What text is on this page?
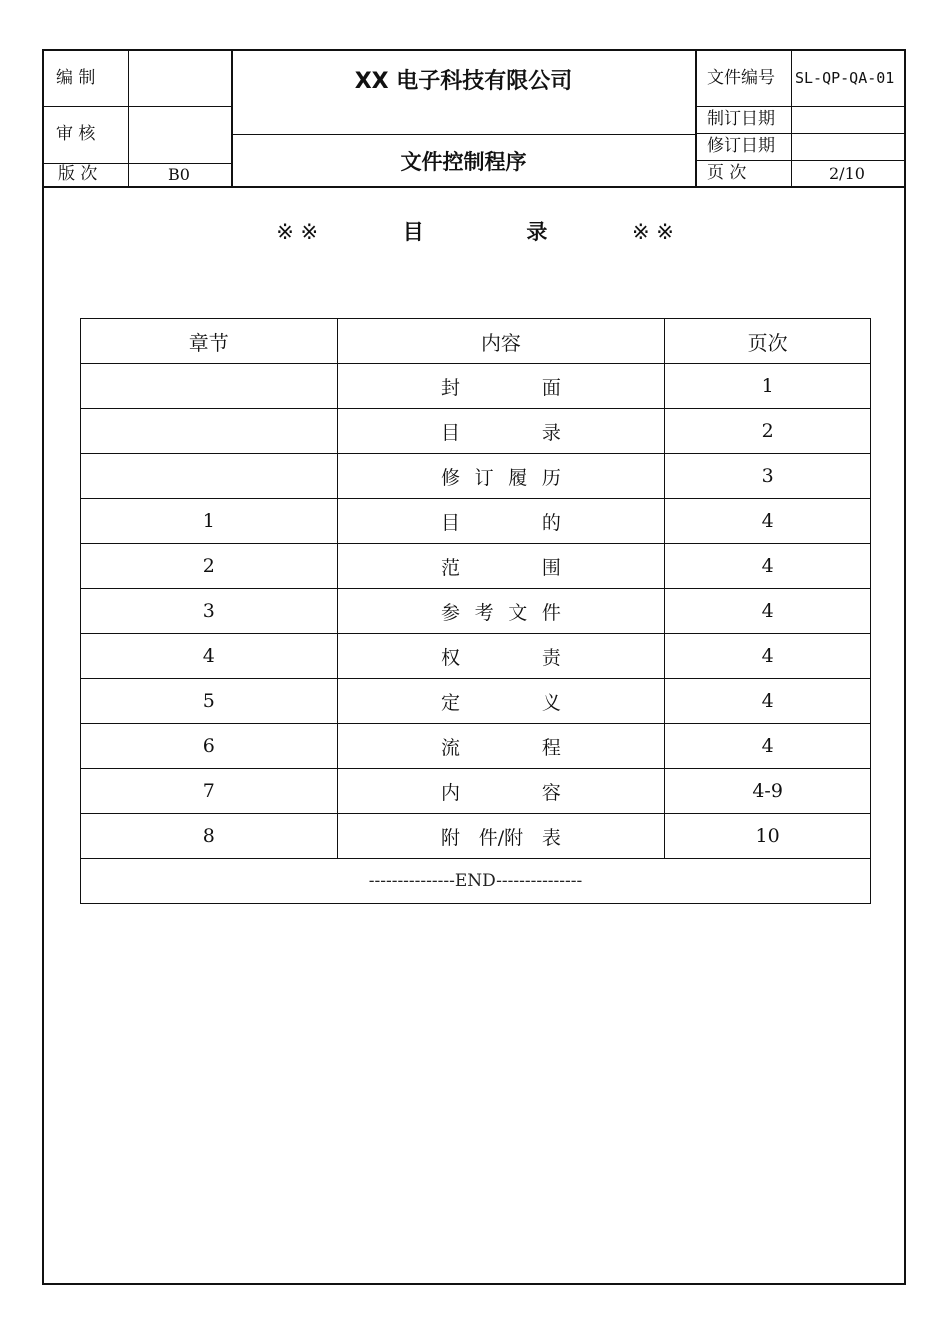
编 制
审 核
版 次	B0
XX 电子科技有限公司
文件控制程序
文件编号 SL-QP-QA-01
制订日期
修订日期
页 次	2/10
※ ※	目	录	※ ※
章节	内容	页次

	封 面	1

	目 录	2

	修 订 履 历	3
1	目 的	4
2	范 围	4
3	参 考 文 件	4
4	权 责	4
5	定 义	4
6	流 程	4
7	内 容	4-9
8	附 件/附 表	10
---------------END---------------		
